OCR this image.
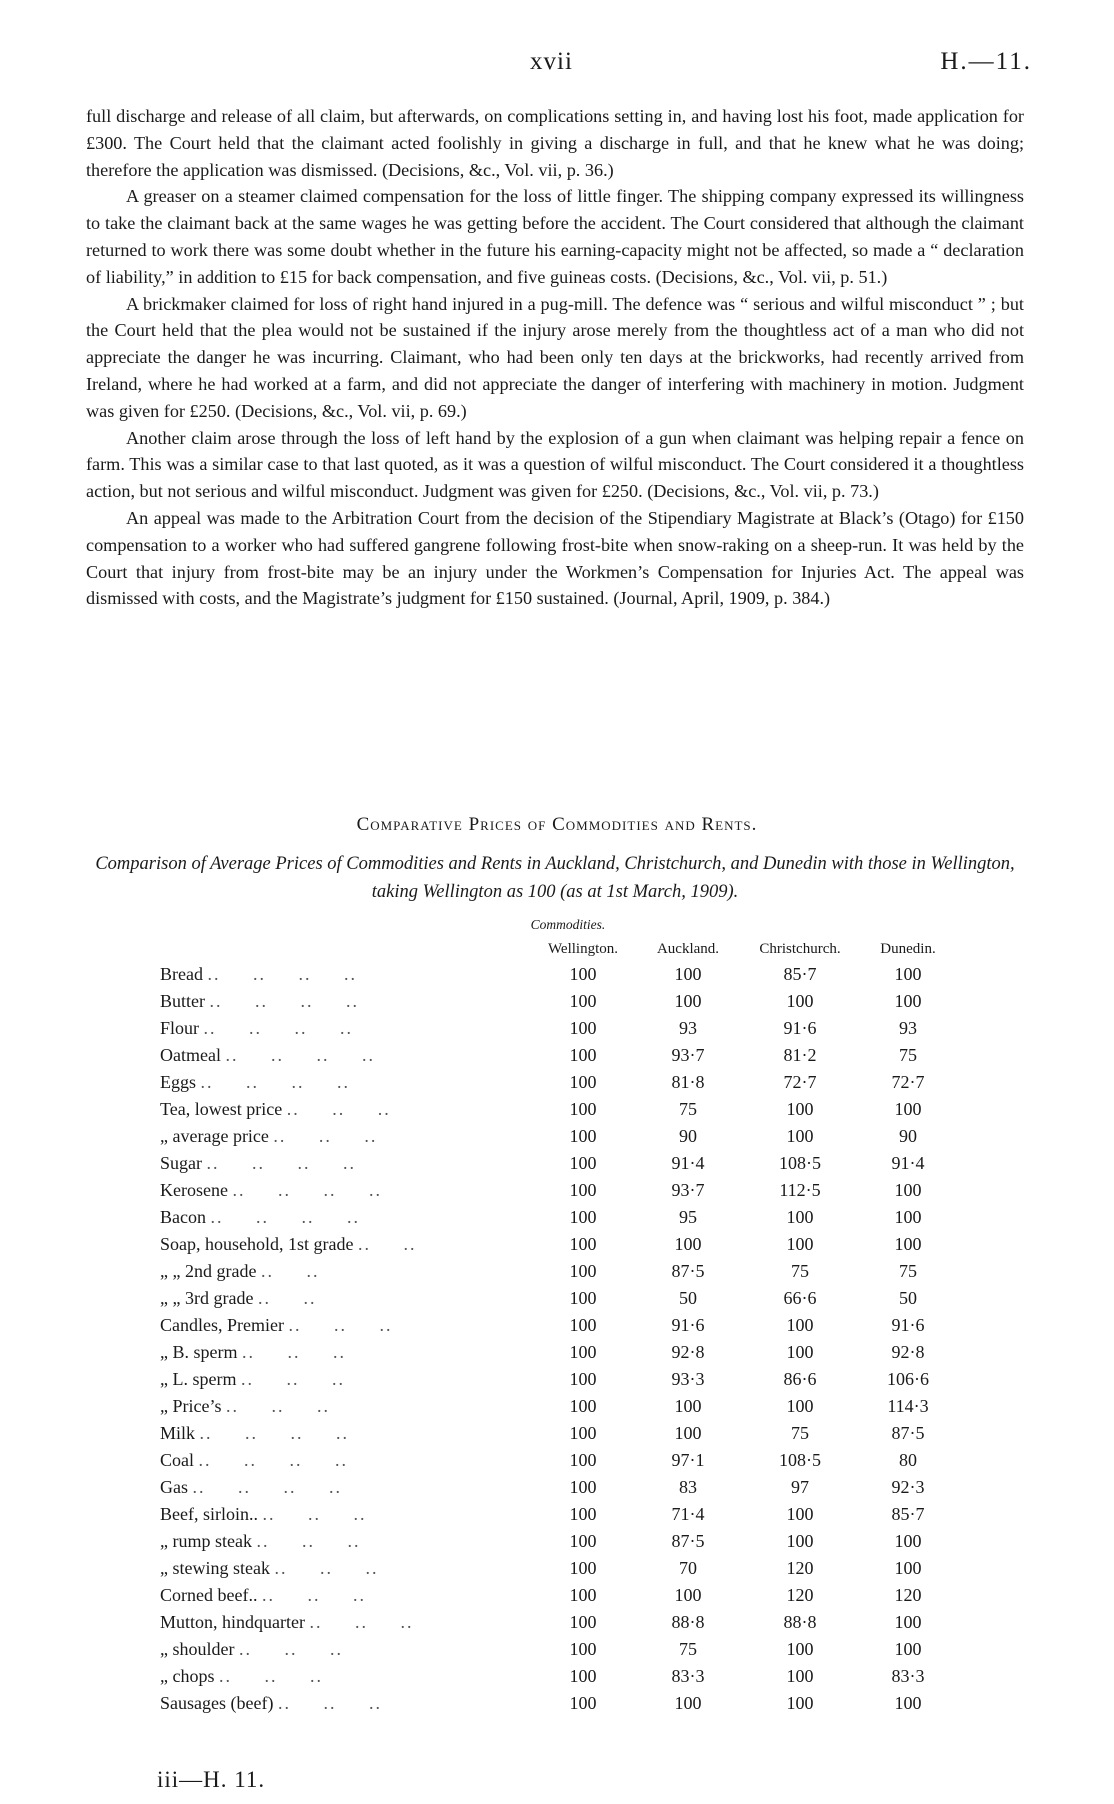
xvii	H.—11.

full discharge and release of all claim, but afterwards, on complications setting in, and having lost his foot, made application for £300. The Court held that the claimant acted foolishly in giving a discharge in full, and that he knew what he was doing; therefore the application was dismissed. (Decisions, &c., Vol. vii, p. 36.)

A greaser on a steamer claimed compensation for the loss of little finger. The shipping company expressed its willingness to take the claimant back at the same wages he was getting before the accident. The Court considered that although the claimant returned to work there was some doubt whether in the future his earning-capacity might not be affected, so made a “ declaration of liability,” in addition to £15 for back compensation, and five guineas costs. (Decisions, &c., Vol. vii, p. 51.)

A brickmaker claimed for loss of right hand injured in a pug-mill. The defence was “ serious and wilful misconduct ” ; but the Court held that the plea would not be sustained if the injury arose merely from the thoughtless act of a man who did not appreciate the danger he was incurring. Claimant, who had been only ten days at the brickworks, had recently arrived from Ireland, where he had worked at a farm, and did not appreciate the danger of interfering with machinery in motion. Judgment was given for £250. (Decisions, &c., Vol. vii, p. 69.)

Another claim arose through the loss of left hand by the explosion of a gun when claimant was helping repair a fence on farm. This was a similar case to that last quoted, as it was a question of wilful misconduct. The Court considered it a thoughtless action, but not serious and wilful misconduct. Judgment was given for £250. (Decisions, &c., Vol. vii, p. 73.)

An appeal was made to the Arbitration Court from the decision of the Stipendiary Magistrate at Black’s (Otago) for £150 compensation to a worker who had suffered gangrene following frost-bite when snow-raking on a sheep-run. It was held by the Court that injury from frost-bite may be an injury under the Workmen’s Compensation for Injuries Act. The appeal was dismissed with costs, and the Magistrate’s judgment for £150 sustained. (Journal, April, 1909, p. 384.)

Comparative Prices of Commodities and Rents.
Comparison of Average Prices of Commodities and Rents in Auckland, Christchurch, and Dunedin with those in Wellington, taking Wellington as 100 (as at 1st March, 1909).
Commodities.
	Wellington.	Auckland.	Christchurch.	Dunedin.
Bread ..     ..     ..     ..	100	100	85·7	100
Butter ..     ..     ..     ..	100	100	100	100
Flour ..     ..     ..     ..	100	93	91·6	93
Oatmeal ..     ..     ..     ..	100	93·7	81·2	75
Eggs ..     ..     ..     ..	100	81·8	72·7	72·7
Tea, lowest price ..     ..     ..	100	75	100	100
„ average price ..     ..     ..	100	90	100	90
Sugar ..     ..     ..     ..	100	91·4	108·5	91·4
Kerosene ..     ..     ..     ..	100	93·7	112·5	100
Bacon ..     ..     ..     ..	100	95	100	100
Soap, household, 1st grade ..     ..	100	100	100	100
„ „ 2nd grade ..     ..	100	87·5	75	75
„ „ 3rd grade ..     ..	100	50	66·6	50
Candles, Premier ..     ..     ..	100	91·6	100	91·6
„ B. sperm ..     ..     ..	100	92·8	100	92·8
„ L. sperm ..     ..     ..	100	93·3	86·6	106·6
„ Price’s ..     ..     ..	100	100	100	114·3
Milk ..     ..     ..     ..	100	100	75	87·5
Coal ..     ..     ..     ..	100	97·1	108·5	80
Gas ..     ..     ..     ..	100	83	97	92·3
Beef, sirloin.. ..     ..     ..	100	71·4	100	85·7
„ rump steak ..     ..     ..	100	87·5	100	100
„ stewing steak ..     ..     ..	100	70	120	100
Corned beef.. ..     ..     ..	100	100	120	120
Mutton, hindquarter ..     ..     ..	100	88·8	88·8	100
„ shoulder ..     ..     ..	100	75	100	100
„ chops ..     ..     ..	100	83·3	100	83·3
Sausages (beef) ..     ..     ..	100	100	100	100
iii—H. 11.
